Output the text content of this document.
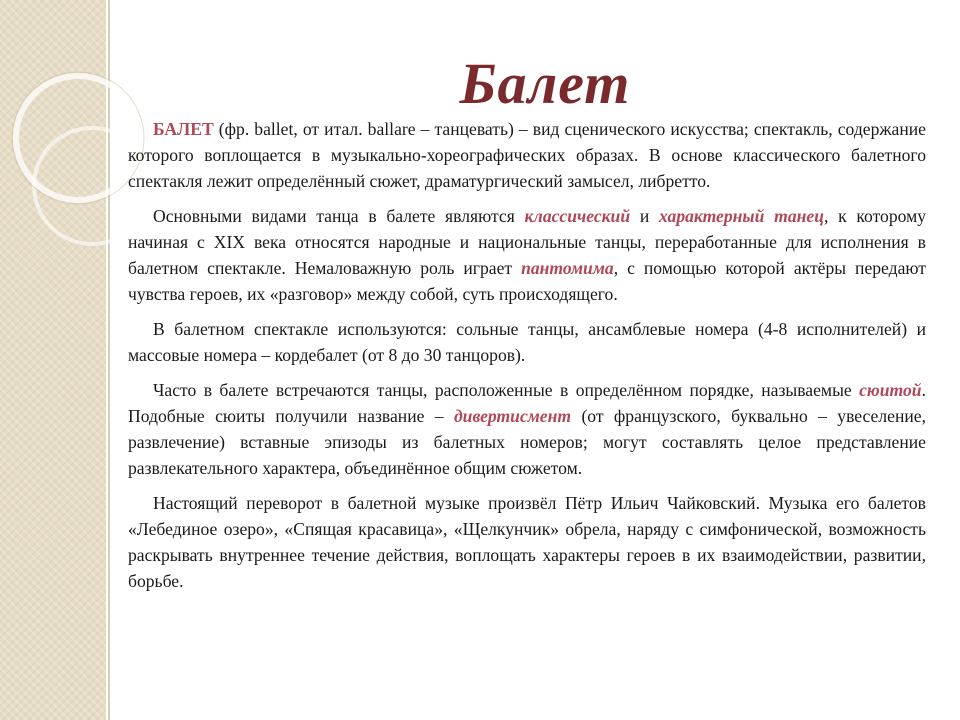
Балет

БАЛЕТ (фр. ballet, от итал. ballare – танцевать) – вид сценического искусства; спектакль, содержание которого воплощается в музыкально-хореографических образах. В основе классического балетного спектакля лежит определённый сюжет, драматургический замысел, либретто.

Основными видами танца в балете являются классический и характерный танец, к которому начиная с XIX века относятся народные и национальные танцы, переработанные для исполнения в балетном спектакле. Немаловажную роль играет пантомима, с помощью которой актёры передают чувства героев, их «разговор» между собой, суть происходящего.

В балетном спектакле используются: сольные танцы, ансамблевые номера (4-8 исполнителей) и массовые номера – кордебалет (от 8 до 30 танцоров).

Часто в балете встречаются танцы, расположенные в определённом порядке, называемые сюитой. Подобные сюиты получили название – дивертисмент (от французского, буквально – увеселение, развлечение) вставные эпизоды из балетных номеров; могут составлять целое представление развлекательного характера, объединённое общим сюжетом.

Настоящий переворот в балетной музыке произвёл Пётр Ильич Чайковский. Музыка его балетов «Лебединое озеро», «Спящая красавица», «Щелкунчик» обрела, наряду с симфонической, возможность раскрывать внутреннее течение действия, воплощать характеры героев в их взаимодействии, развитии, борьбе.
